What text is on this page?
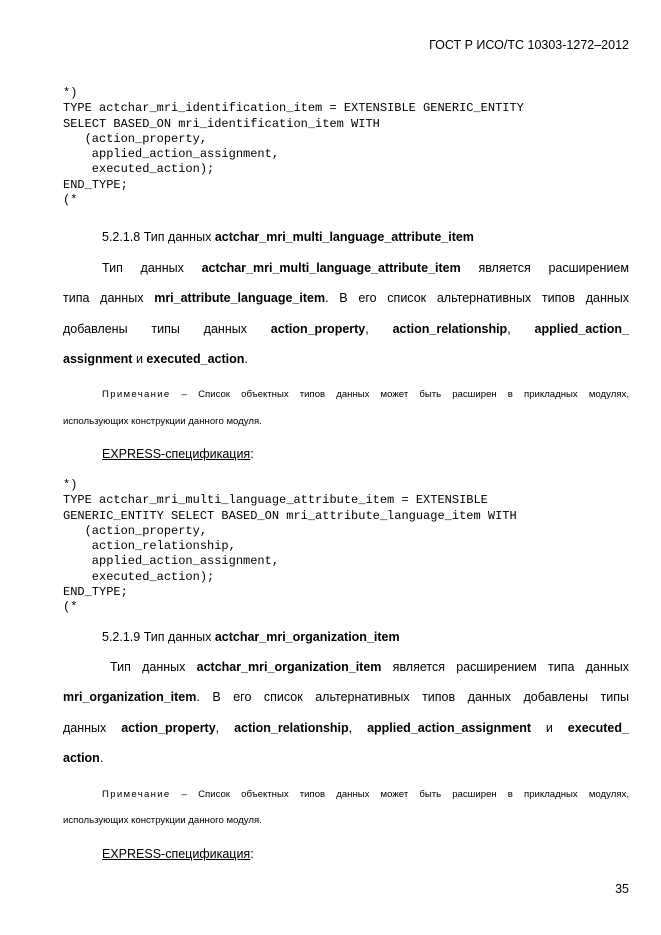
ГОСТ Р ИСО/ТС 10303-1272–2012
*)
TYPE actchar_mri_identification_item = EXTENSIBLE GENERIC_ENTITY
SELECT BASED_ON mri_identification_item WITH
(action_property,
applied_action_assignment,
executed_action);
END_TYPE;
(*
5.2.1.8 Тип данных actchar_mri_multi_language_attribute_item
Тип данных actchar_mri_multi_language_attribute_item является расширением
типа данных mri_attribute_language_item. В его список альтернативных типов данных
добавлены типы данных action_property, action_relationship, applied_action_
assignment и executed_action.
Примечание – Список объектных типов данных может быть расширен в прикладных модулях,
использующих конструкции данного модуля.
EXPRESS-спецификация:
*)
TYPE actchar_mri_multi_language_attribute_item = EXTENSIBLE
GENERIC_ENTITY SELECT BASED_ON mri_attribute_language_item WITH
(action_property,
action_relationship,
applied_action_assignment,
executed_action);
END_TYPE;
(*
5.2.1.9 Тип данных actchar_mri_organization_item
Тип данных actchar_mri_organization_item является расширением типа данных
mri_organization_item. В его список альтернативных типов данных добавлены типы
данных action_property, action_relationship, applied_action_assignment и executed_
action.
Примечание – Список объектных типов данных может быть расширен в прикладных модулях,
использующих конструкции данного модуля.
EXPRESS-спецификация:
35
